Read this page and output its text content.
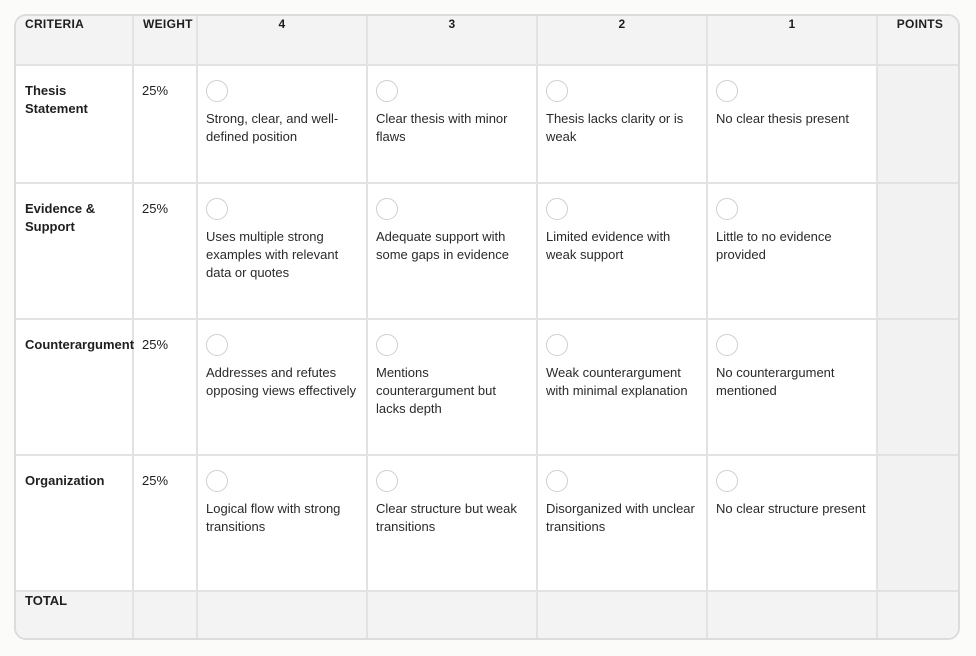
CRITERIA	WEIGHT	4	3	2	1	POINTS
Thesis Statement	25%	Strong, clear, and well-defined position	Clear thesis with minor flaws	Thesis lacks clarity or is weak	No clear thesis present	

Evidence & Support	25%	Uses multiple strong examples with relevant data or quotes	Adequate support with some gaps in evidence	Limited evidence with weak support	Little to no evidence provided	

Counterargument	25%	Addresses and refutes opposing views effectively	Mentions counterargument but lacks depth	Weak counterargument with minimal explanation	No counterargument mentioned	

Organization	25%	Logical flow with strong transitions	Clear structure but weak transitions	Disorganized with unclear transitions	No clear structure present	

TOTAL						
